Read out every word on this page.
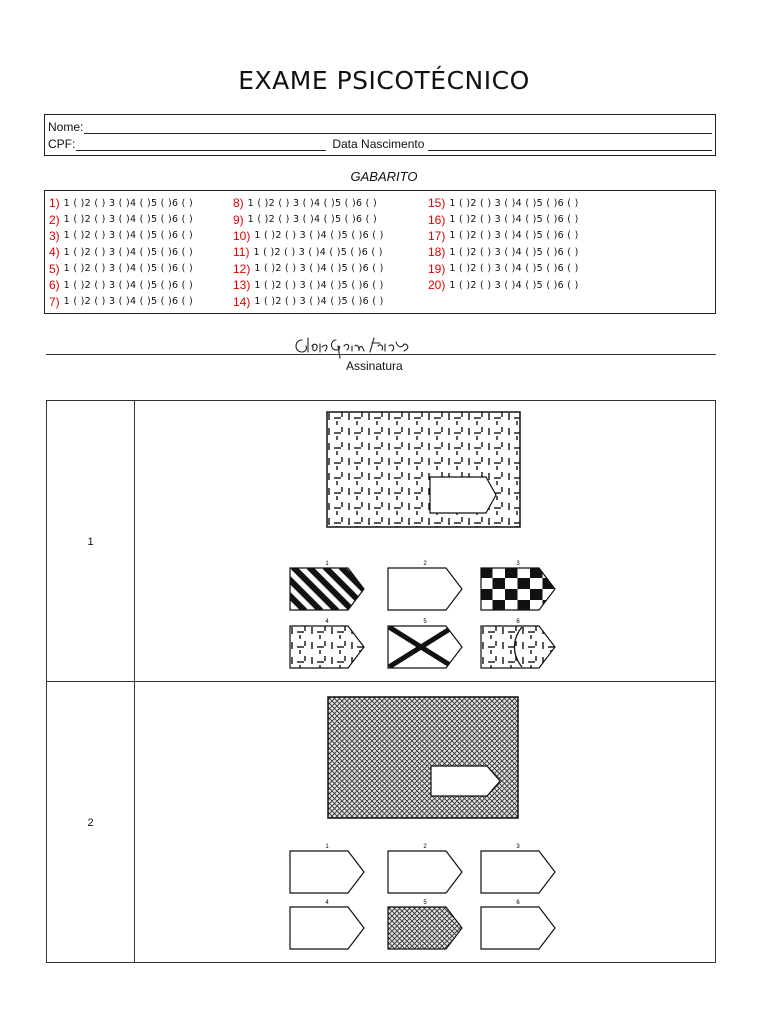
EXAME PSICOTÉCNICO
Nome:
CPF:	Data Nascimento
GABARITO
1) 1 ( )2 ( ) 3 ( )4 ( )5 ( )6 ( )
2) 1 ( )2 ( ) 3 ( )4 ( )5 ( )6 ( )
3) 1 ( )2 ( ) 3 ( )4 ( )5 ( )6 ( )
4) 1 ( )2 ( ) 3 ( )4 ( )5 ( )6 ( )
5) 1 ( )2 ( ) 3 ( )4 ( )5 ( )6 ( )
6) 1 ( )2 ( ) 3 ( )4 ( )5 ( )6 ( )
7) 1 ( )2 ( ) 3 ( )4 ( )5 ( )6 ( )
8) 1 ( )2 ( ) 3 ( )4 ( )5 ( )6 ( )
9) 1 ( )2 ( ) 3 ( )4 ( )5 ( )6 ( )
10) 1 ( )2 ( ) 3 ( )4 ( )5 ( )6 ( )
11) 1 ( )2 ( ) 3 ( )4 ( )5 ( )6 ( )
12) 1 ( )2 ( ) 3 ( )4 ( )5 ( )6 ( )
13) 1 ( )2 ( ) 3 ( )4 ( )5 ( )6 ( )
14) 1 ( )2 ( ) 3 ( )4 ( )5 ( )6 ( )
15) 1 ( )2 ( ) 3 ( )4 ( )5 ( )6 ( )
16) 1 ( )2 ( ) 3 ( )4 ( )5 ( )6 ( )
17) 1 ( )2 ( ) 3 ( )4 ( )5 ( )6 ( )
18) 1 ( )2 ( ) 3 ( )4 ( )5 ( )6 ( )
19) 1 ( )2 ( ) 3 ( )4 ( )5 ( )6 ( )
20) 1 ( )2 ( ) 3 ( )4 ( )5 ( )6 ( )
Assinatura
1
1	2	3
4	5	6
2
1	2	3
4	5	6
